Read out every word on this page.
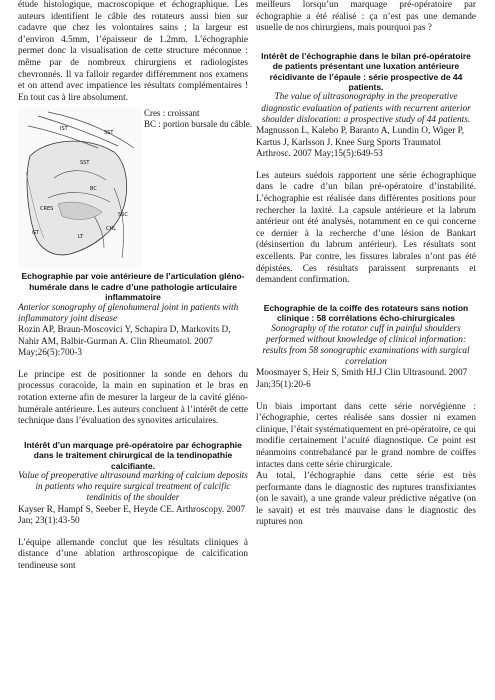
étude histologique, macroscopique et échographique. Les auteurs identifient le câble des rotateurs aussi bien sur cadavre que chez les volontaires sains ; la largeur est d’environ 4.5mm, l’épaisseur de 1.2mm. L’échographie permet donc la visualisation de cette structure méconnue : même par de nombreux chirurgiens et radiologistes chevronnés. Il va falloir regarder différemment nos examens et on attend avec impatience les résultats complémentaires ! En tout cas à lire absolument.

IST
SST
SST
BC
CRES
GT
LT
CHL
SSC
Cres : croissant
BC : portion bursale du câble.
Echographie par voie antérieure de l’articulation gléno-humérale dans le cadre d’une pathologie articulaire inflammatoire

Anterior sonography of glenohumeral joint in patients with inflammatory joint disease

Rozin AP, Braun-Moscovici Y, Schapira D, Markovits D, Nahir AM, Balbir-Gurman A. Clin Rheumatol. 2007 May;26(5):700-3

Le principe est de positionner la sonde en dehors du processus coracoïde, la main en supination et le bras en rotation externe afin de mesurer la largeur de la cavité gléno-humérale antérieure. Les auteurs concluent à l’intérêt de cette technique dans l’évaluation des synovites articulaires.

Intérêt d’un marquage pré-opératoire par échographie dans le traitement chirurgical de la tendinopathie calcifiante.

Value of preoperative ultrasound marking of calcium deposits in patients who require surgical treatment of calcific tendinitis of the shoulder

Kayser R, Hampf S, Seeber E, Heyde CE. Arthroscopy. 2007 Jan; 23(1):43-50

L’équipe allemande conclut que les résultats cliniques à distance d’une ablation arthroscopique de calcification tendineuse sont

meilleurs lorsqu’un marquage pré-opératoire par échographie a été réalisé : ça n’est pas une demande usuelle de nos chirurgiens, mais pourquoi pas ?

Intérêt de l’échographie dans le bilan pré-opératoire de patients présentant une luxation antérieure récidivante de l’épaule : série prospective de 44 patients.

The value of ultrasonography in the preoperative diagnostic evaluation of patients with recurrent anterior shoulder dislocation: a prospective study of 44 patients.

Magnusson L, Kalebo P, Baranto A, Lundin O, Wiger P, Kartus J, Karlsson J. Knee Surg Sports Traumatol Arthrosc. 2007 May;15(5):649-53

Les auteurs suédois rapportent une série échographique dans le cadre d’un bilan pré-opératoire d’instabilité. L’échographie est réalisée dans différentes positions pour rechercher la laxité. La capsule antérieure et la labrum antérieur ont été analysés, notamment en ce qui concerne ce dernier à la recherche d’une lésion de Bankart (désinsertion du labrum antérieur). Les résultats sont excellents. Par contre, les fissures labrales n’ont pas été dépistées. Ces résultats paraissent surprenants et demandent confirmation.

Echographie de la coiffe des rotateurs sans notion clinique : 58 corrélations écho-chirurgicales

Sonography of the rotator cuff in painful shoulders performed without knowledge of clinical information: results from 58 sonographic examinations with surgical correlation

Moosmayer S, Heir S, Smith HJ.J Clin Ultrasound. 2007 Jan;35(1):20-6

Un biais important dans cette série norvégienne : l’échographie, certes réalisée sans dossier ni examen clinique, l’était systématiquement en pré-opératoire, ce qui modifie certainement l’acuité diagnostique. Ce point est néanmoins contrebalancé par le grand nombre de coiffes intactes dans cette série chirurgicale.

Au total, l’échographie dans cette série est très performante dans le diagnostic des ruptures transfixiantes (on le savait), a une grande valeur prédictive négative (on le savait) et est très mauvaise dans le diagnostic des ruptures non
